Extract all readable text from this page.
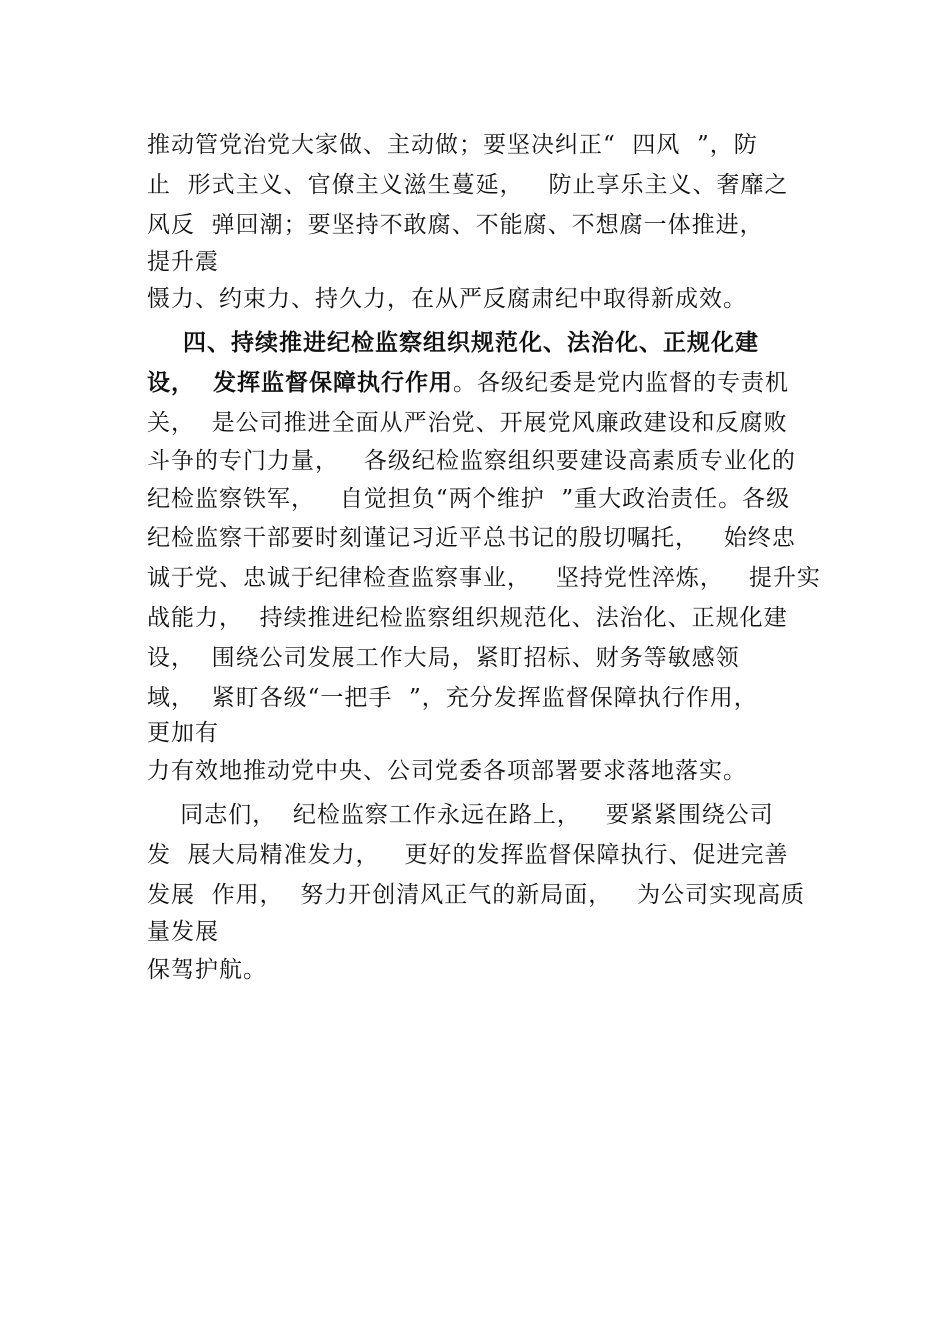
推动管党治党大家做、主动做；要坚决纠正“  四风  ”，防
止  形式主义、官僚主义滋生蔓延，   防止享乐主义、奢靡之
风反  弹回潮；要坚持不敢腐、不能腐、不想腐一体推进，
提升震
慑力、约束力、持久力，在从严反腐肃纪中取得新成效。
四、持续推进纪检监察组织规范化、法治化、正规化建
设，  发挥监督保障执行作用。各级纪委是党内监督的专责机
关，  是公司推进全面从严治党、开展党风廉政建设和反腐败
斗争的专门力量，   各级纪检监察组织要建设高素质专业化的
纪检监察铁军，   自觉担负“两个维护  ”重大政治责任。各级
纪检监察干部要时刻谨记习近平总书记的殷切嘱托，   始终忠
诚于党、忠诚于纪律检查监察事业，   坚持党性淬炼，   提升实
战能力，  持续推进纪检监察组织规范化、法治化、正规化建
设，  围绕公司发展工作大局，紧盯招标、财务等敏感领
域，  紧盯各级“一把手  ”，充分发挥监督保障执行作用，
更加有
力有效地推动党中央、公司党委各项部署要求落地落实。
同志们，  纪检监察工作永远在路上，   要紧紧围绕公司
发  展大局精准发力，   更好的发挥监督保障执行、促进完善
发展  作用，  努力开创清风正气的新局面，   为公司实现高质
量发展
保驾护航。
